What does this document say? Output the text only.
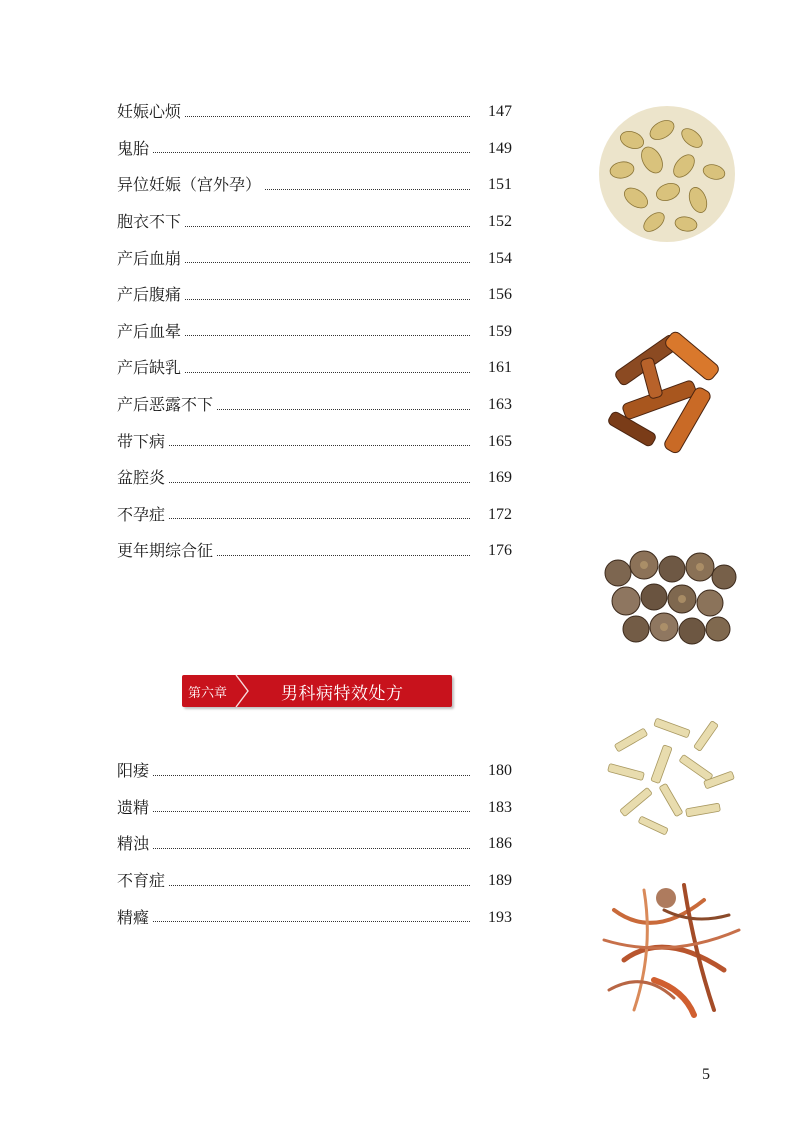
妊娠心烦	147
鬼胎	149
异位妊娠（宫外孕）	151
胞衣不下	152
产后血崩	154
产后腹痛	156
产后血晕	159
产后缺乳	161
产后恶露不下	163
带下病	165
盆腔炎	169
不孕症	172
更年期综合征	176
第六章	男科病特效处方
阳痿	180
遗精	183
精浊	186
不育症	189
精癃	193
5
